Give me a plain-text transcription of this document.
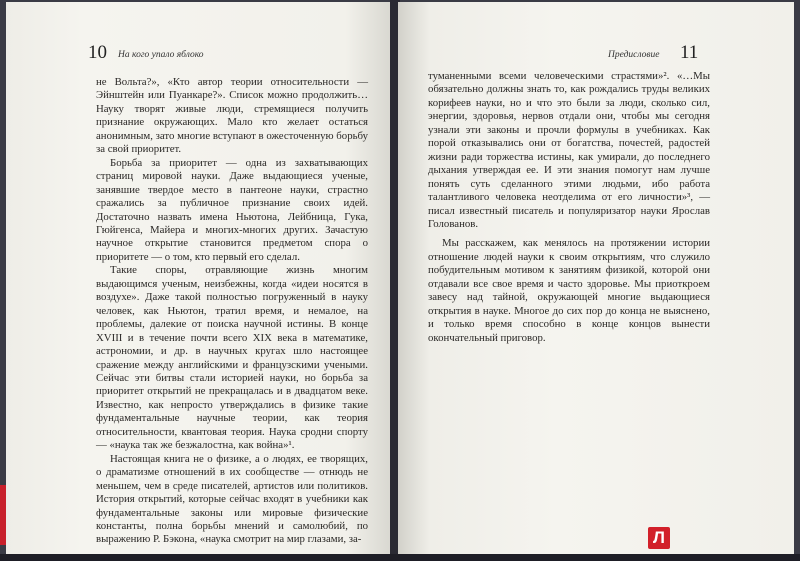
10 На кого упало яблоко

не Вольта?», «Кто автор теории относительности — Эйнштейн или Пуанкаре?». Список можно продолжить… Науку творят живые люди, стремящиеся получить признание окружающих. Мало кто желает остаться анонимным, зато многие вступают в ожесточенную борьбу за свой приоритет.

Борьба за приоритет — одна из захватывающих страниц мировой науки. Даже выдающиеся ученые, занявшие твердое место в пантеоне науки, страстно сражались за публичное признание своих идей. Достаточно назвать имена Ньютона, Лейбница, Гука, Гюйгенса, Майера и многих-многих других. Зачастую научное открытие становится предметом спора о приоритете — о том, кто первый его сделал.

Такие споры, отравляющие жизнь многим выдающимся ученым, неизбежны, когда «идеи носятся в воздухе». Даже такой полностью погруженный в науку человек, как Ньютон, тратил время, и немалое, на проблемы, далекие от поиска научной истины. В конце XVIII и в течение почти всего XIX века в математике, астрономии, и др. в научных кругах шло настоящее сражение между английскими и французскими учеными. Сейчас эти битвы стали историей науки, но борьба за приоритет открытий не прекращалась и в двадцатом веке. Известно, как непросто утверждались в физике такие фундаментальные научные теории, как теория относительности, квантовая теория. Наука сродни спорту — «наука так же безжалостна, как война»¹.

Настоящая книга не о физике, а о людях, ее творящих, о драматизме отношений в их сообществе — отнюдь не меньшем, чем в среде писателей, артистов или политиков. История открытий, которые сейчас входят в учебники как фундаментальные законы или мировые физические константы, полна борьбы мнений и самолюбий, по выражению Р. Бэкона, «наука смотрит на мир глазами, за-

Предисловие 11

туманенными всеми человеческими страстями»². «…Мы обязательно должны знать то, как рождались труды великих корифеев науки, но и что это были за люди, сколько сил, энергии, здоровья, нервов отдали они, чтобы мы сегодня узнали эти законы и прочли формулы в учебниках. Как порой отказывались они от богатства, почестей, радостей жизни ради торжества истины, как умирали, до последнего дыхания утверждая ее. И эти знания помогут нам лучше понять суть сделанного этими людьми, ибо работа талантливого человека неотделима от его личности»³, — писал известный писатель и популяризатор науки Ярослав Голованов.

Мы расскажем, как менялось на протяжении истории отношение людей науки к своим открытиям, что служило побудительным мотивом к занятиям физикой, которой они отдавали все свое время и часто здоровье. Мы приоткроем завесу над тайной, окружающей многие выдающиеся открытия в науке. Многое до сих пор до конца не выяснено, и только время способно в конце концов вынести окончательный приговор.

Л
